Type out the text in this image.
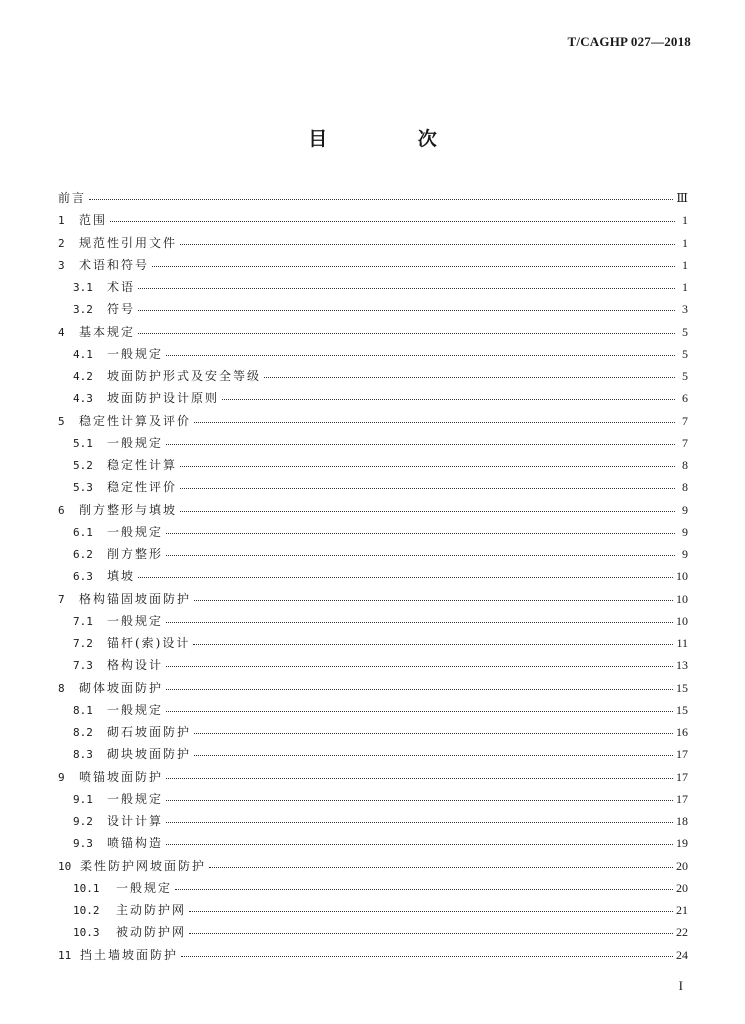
T/CAGHP 027—2018
目 次
前言	Ⅲ
1	范围	1
2	规范性引用文件	1
3	术语和符号	1
3.1	术语	1
3.2	符号	3
4	基本规定	5
4.1	一般规定	5
4.2	坡面防护形式及安全等级	5
4.3	坡面防护设计原则	6
5	稳定性计算及评价	7
5.1	一般规定	7
5.2	稳定性计算	8
5.3	稳定性评价	8
6	削方整形与填坡	9
6.1	一般规定	9
6.2	削方整形	9
6.3	填坡	10
7	格构锚固坡面防护	10
7.1	一般规定	10
7.2	锚杆(索)设计	11
7.3	格构设计	13
8	砌体坡面防护	15
8.1	一般规定	15
8.2	砌石坡面防护	16
8.3	砌块坡面防护	17
9	喷锚坡面防护	17
9.1	一般规定	17
9.2	设计计算	18
9.3	喷锚构造	19
10 柔性防护网坡面防护	20
10.1	一般规定	20
10.2	主动防护网	21
10.3	被动防护网	22
11 挡土墙坡面防护	24
I
